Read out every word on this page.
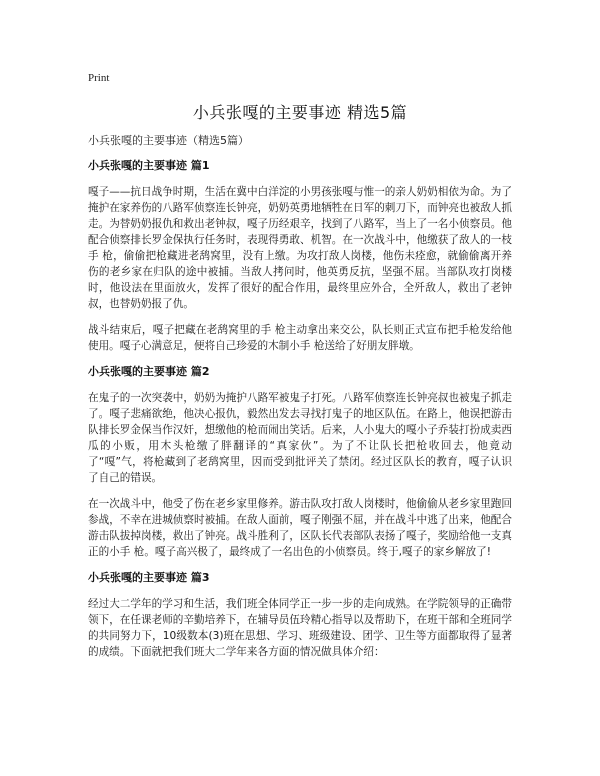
Print
小兵张嘎的主要事迹 精选5篇
小兵张嘎的主要事迹（精选5篇）
小兵张嘎的主要事迹 篇1

嘎子——抗日战争时期，生活在冀中白洋淀的小男孩张嘎与惟一的亲人奶奶相依为命。为了掩护在家养伤的八路军侦察连长钟亮，奶奶英勇地牺牲在日军的刺刀下，而钟亮也被敌人抓走。为替奶奶报仇和救出老钟叔，嘎子历经艰辛，找到了八路军，当上了一名小侦察员。他配合侦察排长罗金保执行任务时，表现得勇敢、机智。在一次战斗中，他缴获了敌人的一枝手 枪，偷偷把枪藏进老鸹窝里，没有上缴。为攻打敌人岗楼，他伤未痊愈，就偷偷离开养伤的老乡家在归队的途中被捕。当敌人拷问时，他英勇反抗，坚强不屈。当部队攻打岗楼时，他设法在里面放火，发挥了很好的配合作用，最终里应外合，全歼敌人，救出了老钟叔，也替奶奶报了仇。

战斗结束后，嘎子把藏在老鸹窝里的手 枪主动拿出来交公，队长则正式宣布把手枪发给他使用。嘎子心满意足，便将自己珍爱的木制小手 枪送给了好朋友胖墩。

小兵张嘎的主要事迹 篇2

在鬼子的一次突袭中，奶奶为掩护八路军被鬼子打死。八路军侦察连长钟亮叔也被鬼子抓走了。嘎子悲痛欲绝，他决心报仇，毅然出发去寻找打鬼子的地区队伍。在路上，他误把游击队排长罗金保当作汉奸，想缴他的枪而闹出笑话。后来，人小鬼大的嘎小子乔装打扮成卖西瓜的小贩，用木头枪缴了胖翻译的“真家伙”。为了不让队长把枪收回去，他竟动了“嘎”气，将枪藏到了老鸹窝里，因而受到批评关了禁闭。经过区队长的教育，嘎子认识了自己的错误。

在一次战斗中，他受了伤在老乡家里修养。游击队攻打敌人岗楼时，他偷偷从老乡家里跑回参战，不幸在进城侦察时被捕。在敌人面前，嘎子刚强不屈，并在战斗中逃了出来，他配合游击队拔掉岗楼，救出了钟亮。战斗胜利了，区队长代表部队表扬了嘎子，奖励给他一支真正的小手 枪。嘎子高兴极了，最终成了一名出色的小侦察员。终于,嘎子的家乡解放了!

小兵张嘎的主要事迹 篇3

经过大二学年的学习和生活，我们班全体同学正一步一步的走向成熟。在学院领导的正确带领下，在任课老师的辛勤培养下，在辅导员伍玲精心指导以及帮助下，在班干部和全班同学的共同努力下，10级数本(3)班在思想、学习、班级建设、团学、卫生等方面都取得了显著的成绩。下面就把我们班大二学年来各方面的情况做具体介绍：
